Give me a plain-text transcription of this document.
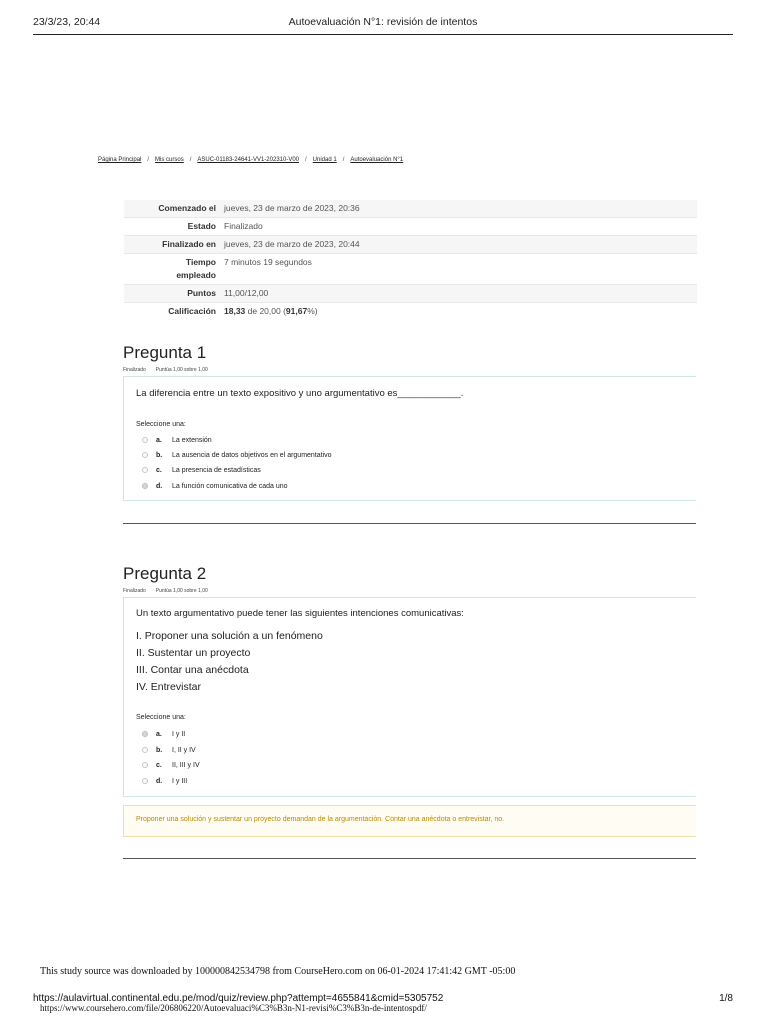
23/3/23, 20:44	Autoevaluación N°1: revisión de intentos
Página Principal / Mis cursos / ASUC-01183-24641-VV1-202310-V00 / Unidad 1 / Autoevaluación N°1
Comenzado el	jueves, 23 de marzo de 2023, 20:36
Estado	Finalizado
Finalizado en	jueves, 23 de marzo de 2023, 20:44
Tiempo
empleado	7 minutos 19 segundos
Puntos	11,00/12,00
Calificación	18,33 de 20,00 (91,67%)
Pregunta 1
Finalizado Puntúa 1,00 sobre 1,00
La diferencia entre un texto expositivo y uno argumentativo es____________.
Seleccione una:
a.	La extensión
b.	La ausencia de datos objetivos en el argumentativo
c.	La presencia de estadísticas
d.	La función comunicativa de cada uno
Pregunta 2
Finalizado Puntúa 1,00 sobre 1,00
Un texto argumentativo puede tener las siguientes intenciones comunicativas:
I. Proponer una solución a un fenómeno
II. Sustentar un proyecto
III. Contar una anécdota
IV. Entrevistar
Seleccione una:
a.	I y II
b.	I, II y IV
c.	II, III y IV
d.	I y III
Proponer una solución y sustentar un proyecto demandan de la argumentación. Contar una anécdota o entrevistar, no.
This study source was downloaded by 100000842534798 from CourseHero.com on 06-01-2024 17:41:42 GMT -05:00
https://aulavirtual.continental.edu.pe/mod/quiz/review.php?attempt=4655841&cmid=5305752	1/8
https://www.coursehero.com/file/206806220/Autoevaluaci%C3%B3n-N1-revisi%C3%B3n-de-intentospdf/
